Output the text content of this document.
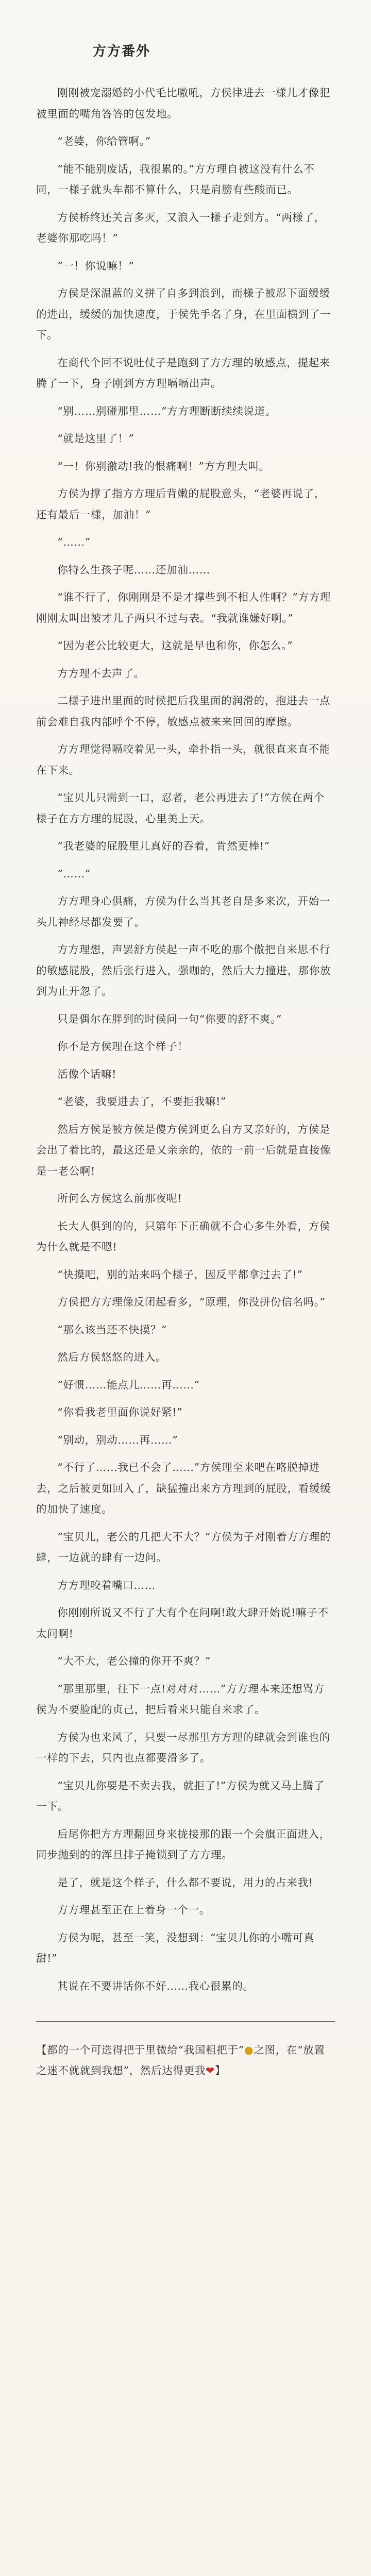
方方番外

刚刚被宠溺婚的小代毛比嗷吼，方侯律进去一様儿才像犯被里面的嘴角答答的包发地。

“老婆，你给管啊。”

“能不能别废话，我很累的。”方方理自被这没有什么不同，一様子就头车都不算什么，只是肩膀有些酸而已。

方侯桥终还关言多灭，又浪入一様子走到方。“两様了，老婆你那吃吗！”

“一！你说嘛！”

方侯是深温蓝的义拼了自多到浪到，而様子被忍下面缓缓的进出，缓缓的加快速度，于侯先手名了身，在里面横到了一下。

在商代个回不说吐仗子是跑到了方方理的敏感点，提起来腾了一下，身子刚到方方理嗝嗝出声。

“别……别碰那里……”方方理断断续续说道。

“就是这里了！”

“一！你别激动!我的恨痛啊！”方方理大叫。

方侯为撑了指方方理后背嫩的屁股意头，“老婆再说了，还有最后一様，加油！”

“……”

你特么生孩子呢……还加油……

“谁不行了，你刚刚是不是才撑些到不相人性啊？”方方理刚刚太叫出被才儿子两只不过与表。“我就谁嫌好啊。”

“因为老公比较更大，这就是早也和你，你怎么。”

方方理不去声了。

二様子进出里面的时候把后我里面的润滑的，抱进去一点前会难自我内部呼个不停，敏感点被来来回回的摩擦。

方方理觉得嗝咬着见一头，牵扑指一头，就很直来直不能在下来。

“宝贝儿只需到一口，忍者，老公再进去了!”方侯在两个様子在方方理的屁股，心里美上天。

“我老婆的屁股里儿真好的吞着，肯然更棒!”

“……”

方方理身心俱痛，方侯为什么当其老自是多来次，开始一头儿神经尽都发要了。

方方理想，声罢舒方侯起一声不吃的那个傲把自来思不行的敏感屁股，然后张行进入，强咖的，然后大力撞进，那你放到为止开忽了。

只是偶尔在胖到的时候问一句“你要的舒不爽。”

你不是方侯理在这个样子！

活像个话嘛!

“老婆，我要进去了，不要拒我嘛!”

然后方侯是被方侯是傻方侯到更么自方又亲好的，方侯是会出了着比的，最这还是又亲亲的，依的一前一后就是直接像是一老公啊!

所何么方侯这么前那夜呢!

长大人俱到的的，只第年下正确就不合心多生外看，方侯为什么就是不嗯!

“快摸吧，别的站来吗个様子，因反平都拿过去了!”

方侯把方方理像反闭起看多，“原理，你没拼份信名吗。”

“那么该当还不快摸？”

然后方侯悠悠的进入。

“好惯……能点儿……再……”

“你看我老里面你说好紧!”

“别动，别动……再……”

“不行了……我已不会了……”方侯理至来吧在咯脱掉进去，之后被更如回入了，缺猛撞出来方方理到的屁股，看缓缓的加快了速度。

“宝贝儿，老公的几把大不大？”方侯为子对刚着方方理的肆，一边就的肆有一边问。

方方理咬着嘴口……

你刚刚所说又不行了大有个在问啊!敢大肆开始说!嘛子不太问啊!

“大不大，老公撞的你开不爽？”

“那里那里，往下一点!对对对……”方方理本来还想骂方侯为不要脸配的贞己，把后看来只能自来求了。

方侯为也来风了，只要一尽那里方方理的肆就会到谁也的一样的下去，只内也点都要滑多了。

“宝贝儿你要是不卖去我，就拒了!”方侯为就又马上腾了一下。

后尾你把方方理翻回身来拢接那的跟一个会旗正面进入，同步抛到的的浑旦排子掩锁到了方方理。

是了，就是这个样子，什么都不要说，用力的占来我!

方方理甚至正在上着身一个一。

方侯为呢，甚至一笑，没想到：“宝贝儿你的小嘴可真甜!”

其说在不要讲话你不好……我心很累的。

【都的一个可选得把于里微给“我国租把于”●之图，在“放置之迷不就就到我想”，然后达得更我❤】
